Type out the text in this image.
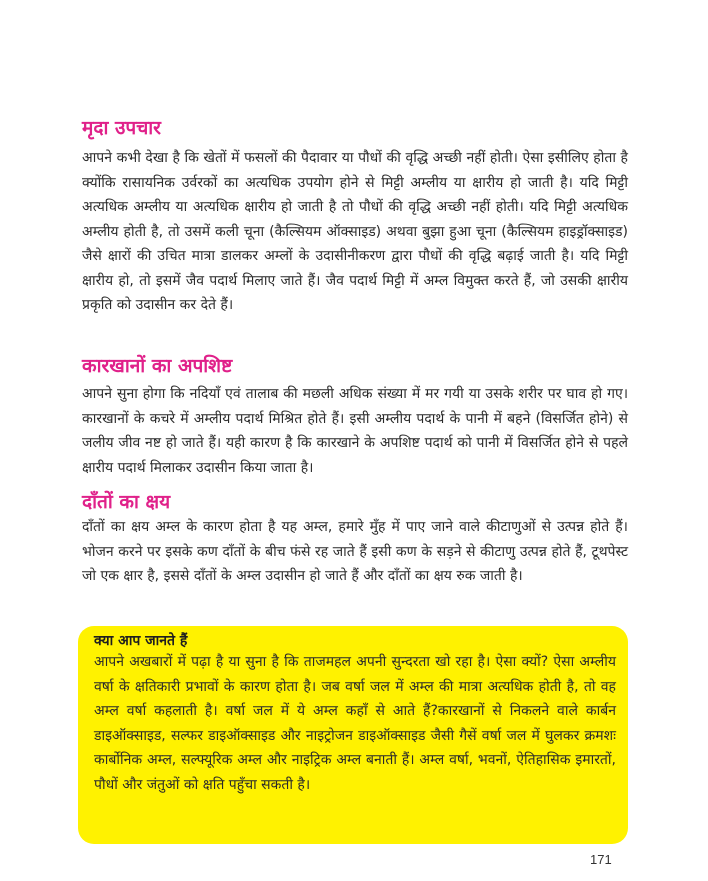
मृदा उपचार

आपने कभी देखा है कि खेतों में फसलों की पैदावार या पौधों की वृद्धि अच्छी नहीं होती। ऐसा इसीलिए होता है क्योंकि रासायनिक उर्वरकों का अत्यधिक उपयोग होने से मिट्टी अम्लीय या क्षारीय हो जाती है। यदि मिट्टी अत्यधिक अम्लीय या अत्यधिक क्षारीय हो जाती है तो पौधों की वृद्धि अच्छी नहीं होती। यदि मिट्टी अत्यधिक अम्लीय होती है, तो उसमें कली चूना (कैल्सियम ऑक्साइड) अथवा बुझा हुआ चूना (कैल्सियम हाइड्रॉक्साइड) जैसे क्षारों की उचित मात्रा डालकर अम्लों के उदासीनीकरण द्वारा पौधों की वृद्धि बढ़ाई जाती है। यदि मिट्टी क्षारीय हो, तो इसमें जैव पदार्थ मिलाए जाते हैं। जैव पदार्थ मिट्टी में अम्ल विमुक्त करते हैं, जो उसकी क्षारीय प्रकृति को उदासीन कर देते हैं।

कारखानों का अपशिष्ट

आपने सुना होगा कि नदियाँ एवं तालाब की मछली अधिक संख्या में मर गयी या उसके शरीर पर घाव हो गए। कारखानों के कचरे में अम्लीय पदार्थ मिश्रित होते हैं। इसी अम्लीय पदार्थ के पानी में बहने (विसर्जित होने) से जलीय जीव नष्ट हो जाते हैं। यही कारण है कि कारखाने के अपशिष्ट पदार्थ को पानी में विसर्जित होने से पहले क्षारीय पदार्थ मिलाकर उदासीन किया जाता है।

दाँतों का क्षय

दाँतों का क्षय अम्ल के कारण होता है यह अम्ल, हमारे मुँह में पाए जाने वाले कीटाणुओं से उत्पन्न होते हैं। भोजन करने पर इसके कण दाँतों के बीच फंसे रह जाते हैं इसी कण के सड़ने से कीटाणु उत्पन्न होते हैं, टूथपेस्ट जो एक क्षार है, इससे दाँतों के अम्ल उदासीन हो जाते हैं और दाँतों का क्षय रुक जाती है।

क्या आप जानते हैं

आपने अखबारों में पढ़ा है या सुना है कि ताजमहल अपनी सुन्दरता खो रहा है। ऐसा क्यों? ऐसा अम्लीय वर्षा के क्षतिकारी प्रभावों के कारण होता है। जब वर्षा जल में अम्ल की मात्रा अत्यधिक होती है, तो वह अम्ल वर्षा कहलाती है। वर्षा जल में ये अम्ल कहाँ से आते हैं?कारखानों से निकलने वाले कार्बन डाइऑक्साइड, सल्फर डाइऑक्साइड और नाइट्रोजन डाइऑक्साइड जैसी गैसें वर्षा जल में घुलकर क्रमशः कार्बोनिक अम्ल, सल्फ्यूरिक अम्ल और नाइट्रिक अम्ल बनाती हैं। अम्ल वर्षा, भवनों, ऐतिहासिक इमारतों, पौधों और जंतुओं को क्षति पहुँचा सकती है।

171
